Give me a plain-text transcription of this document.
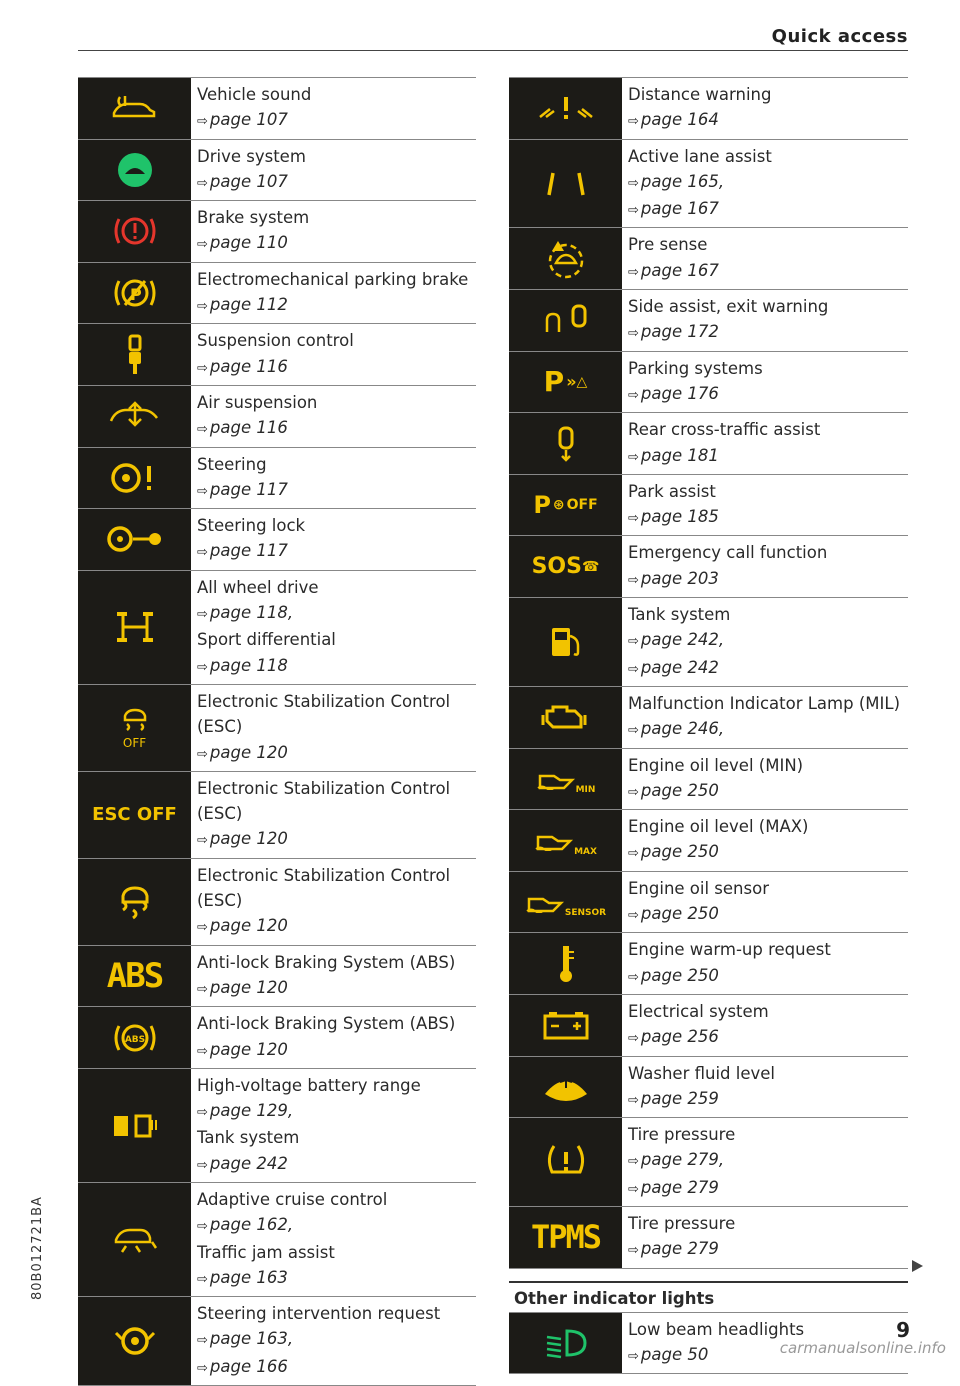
Quick access
Vehicle sound
⇨ page 107
Drive system
⇨ page 107
Brake system
⇨ page 110
P
Electromechanical parking brake
⇨ page 112
Suspension control
⇨ page 116
Air suspension
⇨ page 116
Steering
⇨ page 117
Steering lock
⇨ page 117
All wheel drive
⇨ page 118,
Sport differential
⇨ page 118
OFF
Electronic Stabilization Control
(ESC)
⇨ page 120
ESC OFF
Electronic Stabilization Control
(ESC)
⇨ page 120
Electronic Stabilization Control
(ESC)
⇨ page 120
ABS Anti-lock Braking System (ABS)
⇨ page 120
ABS
Anti-lock Braking System (ABS)
⇨ page 120
High-voltage battery range
⇨ page 129,
Tank system
⇨ page 242
Adaptive cruise control
⇨ page 162,
Traffic jam assist
⇨ page 163
Steering intervention request
⇨ page 163,
⇨ page 166
Distance warning
⇨ page 164
Active lane assist
⇨ page 165,
⇨ page 167
Pre sense
⇨ page 167
Side assist, exit warning
⇨ page 172
P » △
Parking systems
⇨ page 176
Rear cross-traffic assist
⇨ page 181
P ⊛ OFF
Park assist
⇨ page 185
SOS ☎
Emergency call function
⇨ page 203
Tank system
⇨ page 242,
⇨ page 242
Malfunction Indicator Lamp (MIL)
⇨ page 246,
MIN
Engine oil level (MIN)
⇨ page 250
MAX
Engine oil level (MAX)
⇨ page 250
SENSOR
Engine oil sensor
⇨ page 250
Engine warm-up request
⇨ page 250
Electrical system
⇨ page 256
Washer fluid level
⇨ page 259
Tire pressure
⇨ page 279,
⇨ page 279
TPMS Tire pressure
⇨ page 279
Other indicator lights
Low beam headlights
⇨ page 50
9
80B012721BA
carmanualsonline.info
